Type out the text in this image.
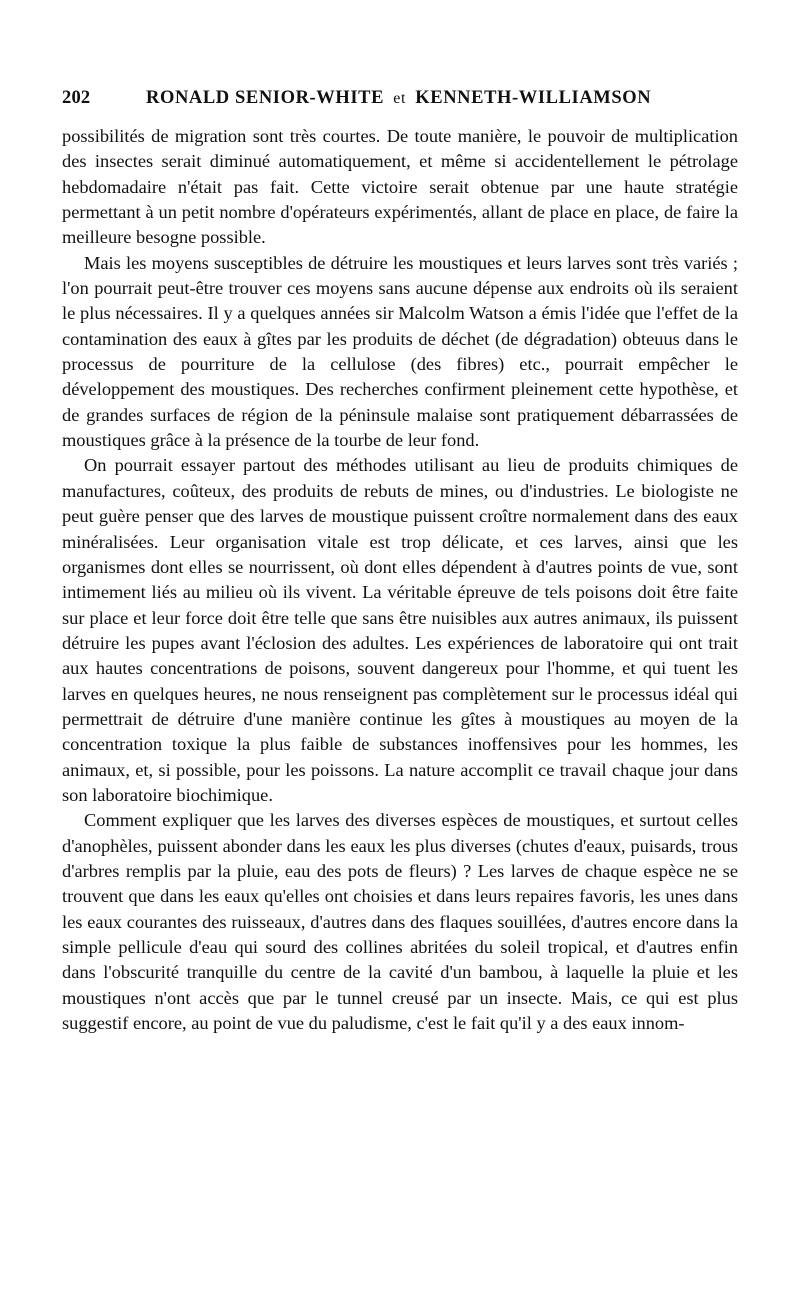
202	RONALD SENIOR-WHITE et KENNETH-WILLIAMSON

possibilités de migration sont très courtes. De toute manière, le pouvoir de multiplication des insectes serait diminué automatiquement, et même si accidentellement le pétrolage hebdomadaire n'était pas fait. Cette victoire serait obtenue par une haute stratégie permettant à un petit nombre d'opérateurs expérimentés, allant de place en place, de faire la meilleure besogne possible.

Mais les moyens susceptibles de détruire les moustiques et leurs larves sont très variés ; l'on pourrait peut-être trouver ces moyens sans aucune dépense aux endroits où ils seraient le plus nécessaires. Il y a quelques années sir Malcolm Watson a émis l'idée que l'effet de la contamination des eaux à gîtes par les produits de déchet (de dégradation) obteuus dans le processus de pourriture de la cellulose (des fibres) etc., pourrait empêcher le développement des moustiques. Des recherches confirment pleinement cette hypothèse, et de grandes surfaces de région de la péninsule malaise sont pratiquement débarrassées de moustiques grâce à la présence de la tourbe de leur fond.

On pourrait essayer partout des méthodes utilisant au lieu de produits chimiques de manufactures, coûteux, des produits de rebuts de mines, ou d'industries. Le biologiste ne peut guère penser que des larves de moustique puissent croître normalement dans des eaux minéralisées. Leur organisation vitale est trop délicate, et ces larves, ainsi que les organismes dont elles se nourrissent, où dont elles dépendent à d'autres points de vue, sont intimement liés au milieu où ils vivent. La véritable épreuve de tels poisons doit être faite sur place et leur force doit être telle que sans être nuisibles aux autres animaux, ils puissent détruire les pupes avant l'éclosion des adultes. Les expériences de laboratoire qui ont trait aux hautes concentrations de poisons, souvent dangereux pour l'homme, et qui tuent les larves en quelques heures, ne nous renseignent pas complètement sur le processus idéal qui permettrait de détruire d'une manière continue les gîtes à moustiques au moyen de la concentration toxique la plus faible de substances inoffensives pour les hommes, les animaux, et, si possible, pour les poissons. La nature accomplit ce travail chaque jour dans son laboratoire biochimique.

Comment expliquer que les larves des diverses espèces de moustiques, et surtout celles d'anophèles, puissent abonder dans les eaux les plus diverses (chutes d'eaux, puisards, trous d'arbres remplis par la pluie, eau des pots de fleurs) ? Les larves de chaque espèce ne se trouvent que dans les eaux qu'elles ont choisies et dans leurs repaires favoris, les unes dans les eaux courantes des ruisseaux, d'autres dans des flaques souillées, d'autres encore dans la simple pellicule d'eau qui sourd des collines abritées du soleil tropical, et d'autres enfin dans l'obscurité tranquille du centre de la cavité d'un bambou, à laquelle la pluie et les moustiques n'ont accès que par le tunnel creusé par un insecte. Mais, ce qui est plus suggestif encore, au point de vue du paludisme, c'est le fait qu'il y a des eaux innom-
